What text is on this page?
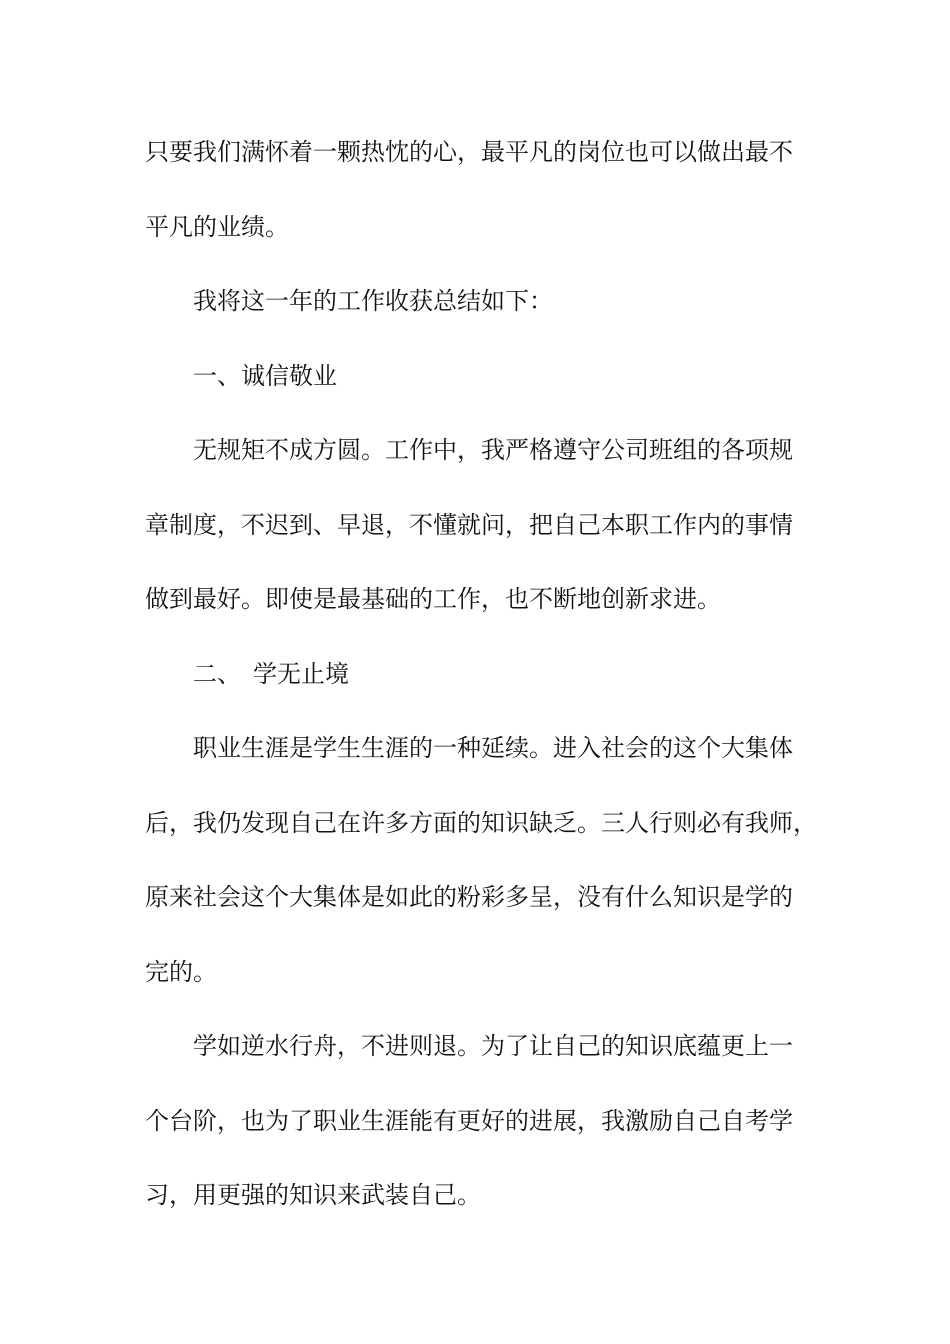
只要我们满怀着一颗热忱的心，最平凡的岗位也可以做出最不
平凡的业绩。
我将这一年的工作收获总结如下：
一、诚信敬业
无规矩不成方圆。工作中，我严格遵守公司班组的各项规
章制度，不迟到、早退，不懂就问，把自己本职工作内的事情
做到最好。即使是最基础的工作，也不断地创新求进。
二、　学无止境
职业生涯是学生生涯的一种延续。进入社会的这个大集体
后，我仍发现自己在许多方面的知识缺乏。三人行则必有我师，
原来社会这个大集体是如此的粉彩多呈，没有什么知识是学的
完的。
学如逆水行舟，不进则退。为了让自己的知识底蕴更上一
个台阶，也为了职业生涯能有更好的进展，我激励自己自考学
习，用更强的知识来武装自己。
